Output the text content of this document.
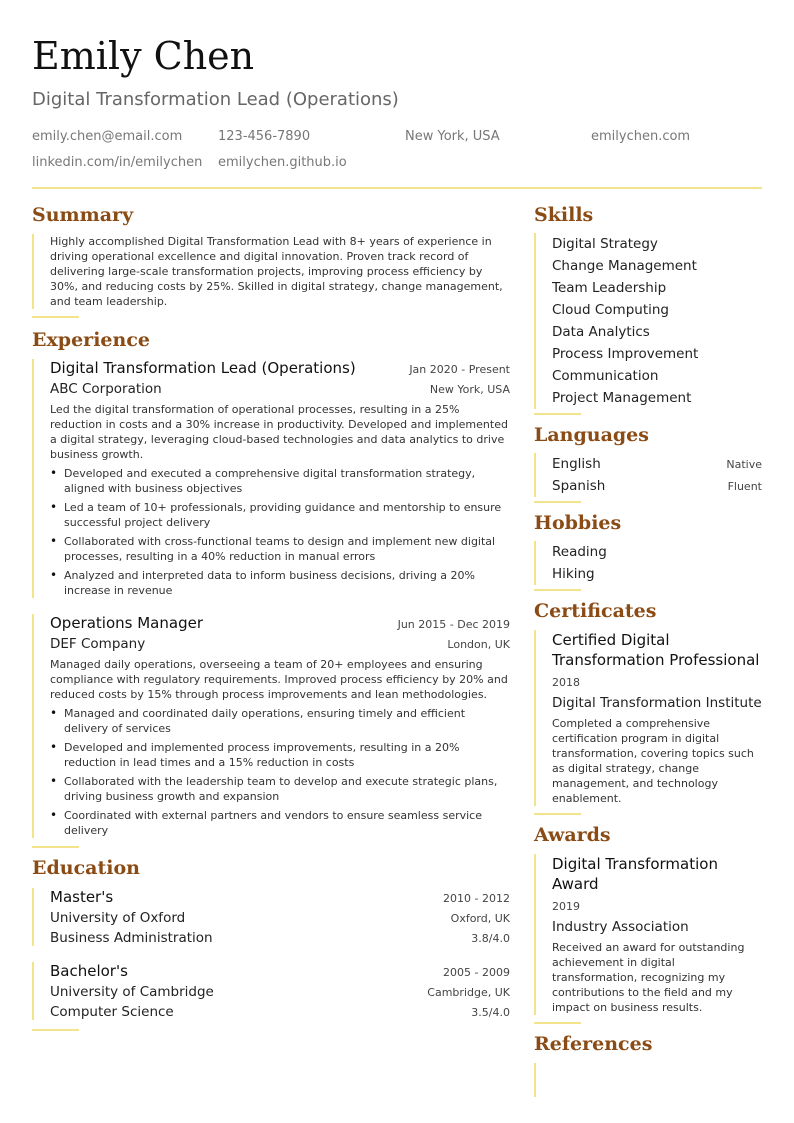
Emily Chen
Digital Transformation Lead (Operations)
emily.chen@email.com	123-456-7890	New York, USA	emilychen.com
linkedin.com/in/emilychen emilychen.github.io
Summary
Highly accomplished Digital Transformation Lead with 8+ years of experience in driving operational excellence and digital innovation. Proven track record of delivering large-scale transformation projects, improving process efficiency by 30%, and reducing costs by 25%. Skilled in digital strategy, change management, and team leadership.
Experience
Digital Transformation Lead (Operations)	Jan 2020 - Present
ABC Corporation	New York, USA
Led the digital transformation of operational processes, resulting in a 25% reduction in costs and a 30% increase in productivity. Developed and implemented a digital strategy, leveraging cloud-based technologies and data analytics to drive business growth.
• Developed and executed a comprehensive digital transformation strategy, aligned with business objectives
• Led a team of 10+ professionals, providing guidance and mentorship to ensure successful project delivery
• Collaborated with cross-functional teams to design and implement new digital processes, resulting in a 40% reduction in manual errors
• Analyzed and interpreted data to inform business decisions, driving a 20% increase in revenue
Operations Manager	Jun 2015 - Dec 2019
DEF Company	London, UK
Managed daily operations, overseeing a team of 20+ employees and ensuring compliance with regulatory requirements. Improved process efficiency by 20% and reduced costs by 15% through process improvements and lean methodologies.
• Managed and coordinated daily operations, ensuring timely and efficient delivery of services
• Developed and implemented process improvements, resulting in a 20% reduction in lead times and a 15% reduction in costs
• Collaborated with the leadership team to develop and execute strategic plans, driving business growth and expansion
• Coordinated with external partners and vendors to ensure seamless service delivery
Education
Master's	2010 - 2012
University of Oxford	Oxford, UK
Business Administration	3.8/4.0
Bachelor's	2005 - 2009
University of Cambridge	Cambridge, UK
Computer Science	3.5/4.0
Skills
Digital Strategy
Change Management
Team Leadership
Cloud Computing
Data Analytics
Process Improvement
Communication
Project Management
Languages
English	Native
Spanish	Fluent
Hobbies
Reading
Hiking
Certificates
Certified Digital Transformation Professional
2018
Digital Transformation Institute
Completed a comprehensive certification program in digital transformation, covering topics such as digital strategy, change management, and technology enablement.
Awards
Digital Transformation Award
2019
Industry Association
Received an award for outstanding achievement in digital transformation, recognizing my contributions to the field and my impact on business results.
References
